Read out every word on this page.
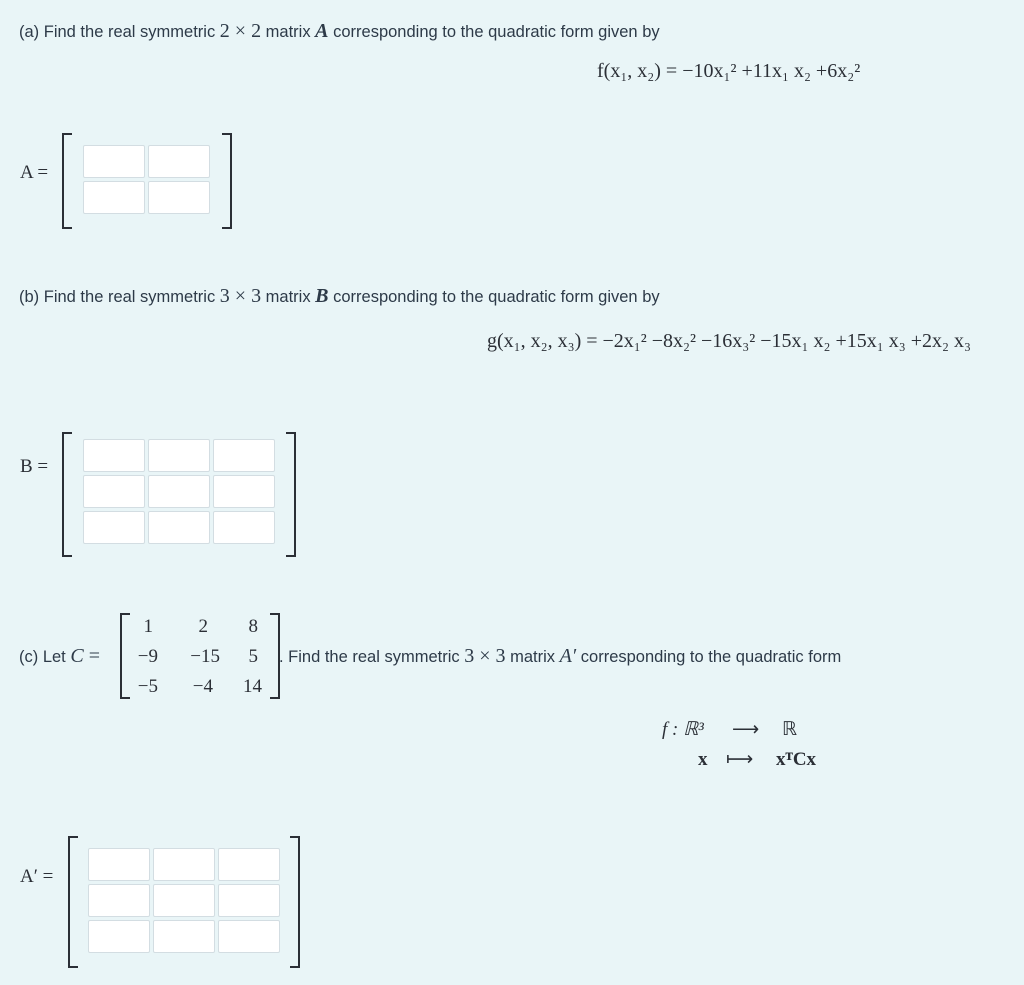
(a) Find the real symmetric 2 × 2 matrix A corresponding to the quadratic form given by
f(x₁, x₂) = −10x₁² +11x₁ x₂ +6x₂²
A =
(b) Find the real symmetric 3 × 3 matrix B corresponding to the quadratic form given by
g(x₁, x₂, x₃) = −2x₁² −8x₂² −16x₃² −15x₁ x₂ +15x₁ x₃ +2x₂ x₃
B =
(c) Let C =
1	2	8
−9	−15	5
−5	−4	14
. Find the real symmetric 3 × 3 matrix A′ corresponding to the quadratic form
f : ℝ³ ⟶ ℝ
x ⟼ xᵀCx
A′ =
